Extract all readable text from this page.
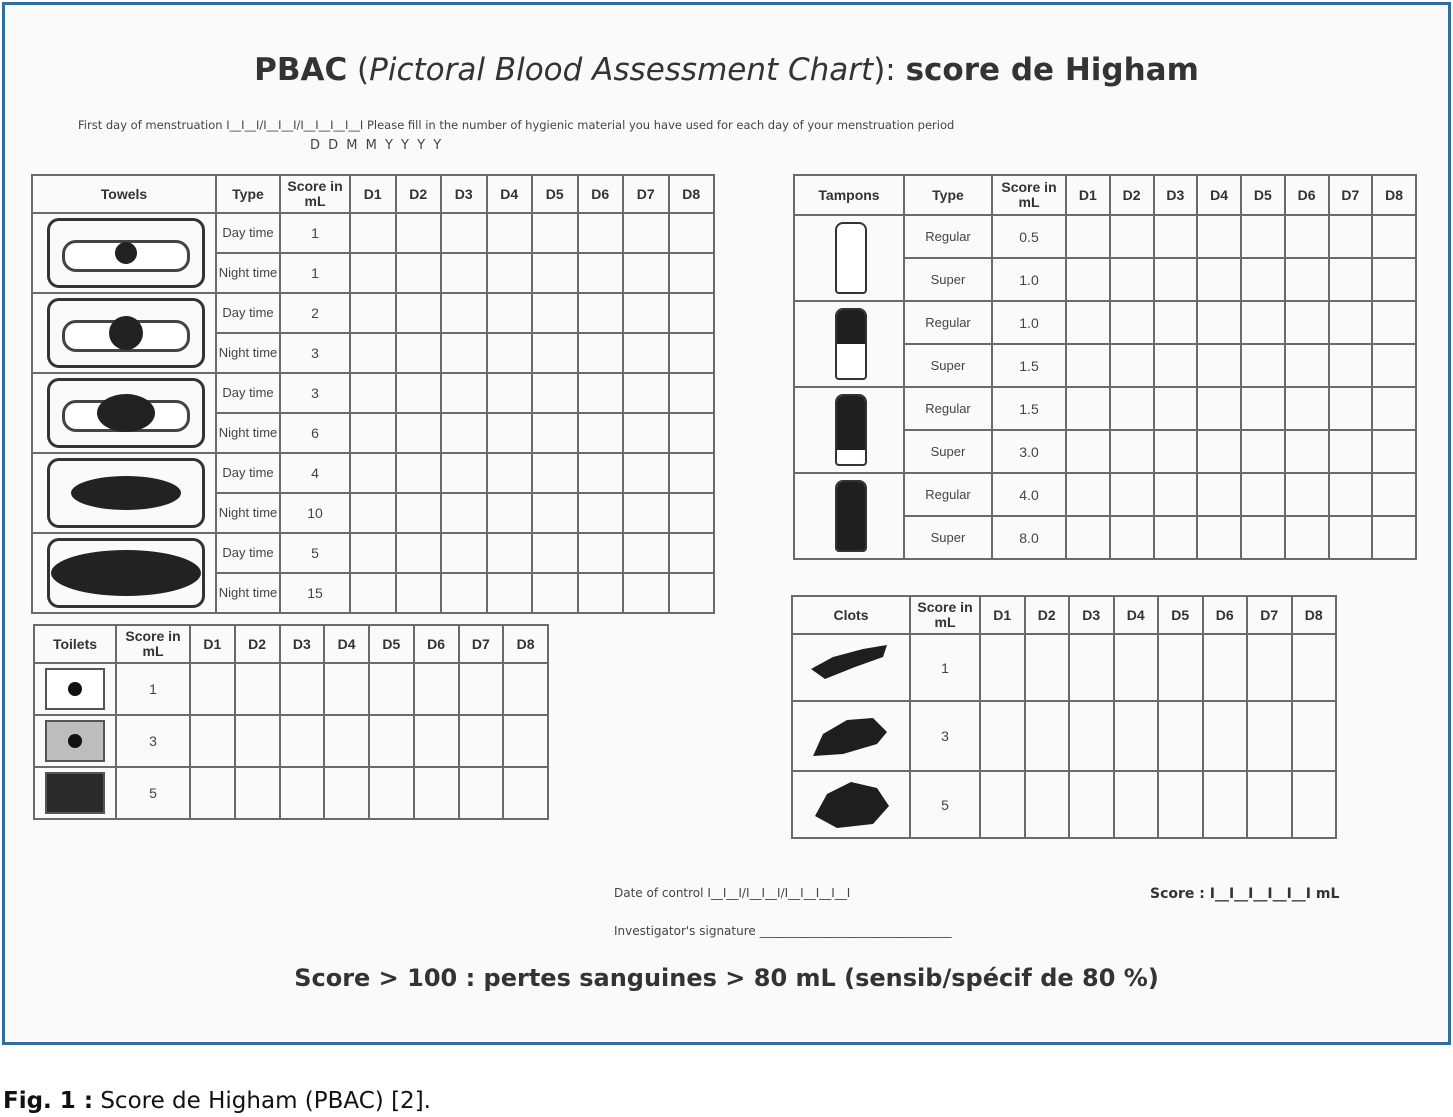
PBAC (Pictoral Blood Assessment Chart): score de Higham
First day of menstruation I__I__I/I__I__I/I__I__I__I__I Please fill in the number of hygienic material you have used for each day of your menstruation period
D D M M Y Y Y Y
Towels	Type	Score in mL	D1	D2	D3	D4	D5	D6	D7	D8

	Day time	1								
	Night time	1								

	Day time	2								
	Night time	3								

	Day time	3								
	Night time	6								

	Day time	4								
	Night time	10								

	Day time	5								
	Night time	15								
Tampons	Type	Score in mL	D1	D2	D3	D4	D5	D6	D7	D8

	Regular	0.5								
	Super	1.0								

	Regular	1.0								
	Super	1.5								

	Regular	1.5								
	Super	3.0								

	Regular	4.0								
	Super	8.0								
Toilets	Score in mL	D1	D2	D3	D4	D5	D6	D7	D8

	1								

	3								

	5								
Clots	Score in mL	D1	D2	D3	D4	D5	D6	D7	D8
	1								
	3								
	5								
Date of control I__I__I/I__I__I/I__I__I__I__I
Investigator's signature ________________________________
Score : I__I__I__I__I__I mL
Score > 100 : pertes sanguines > 80 mL (sensib/spécif de 80 %)
Fig. 1 : Score de Higham (PBAC) [2].
